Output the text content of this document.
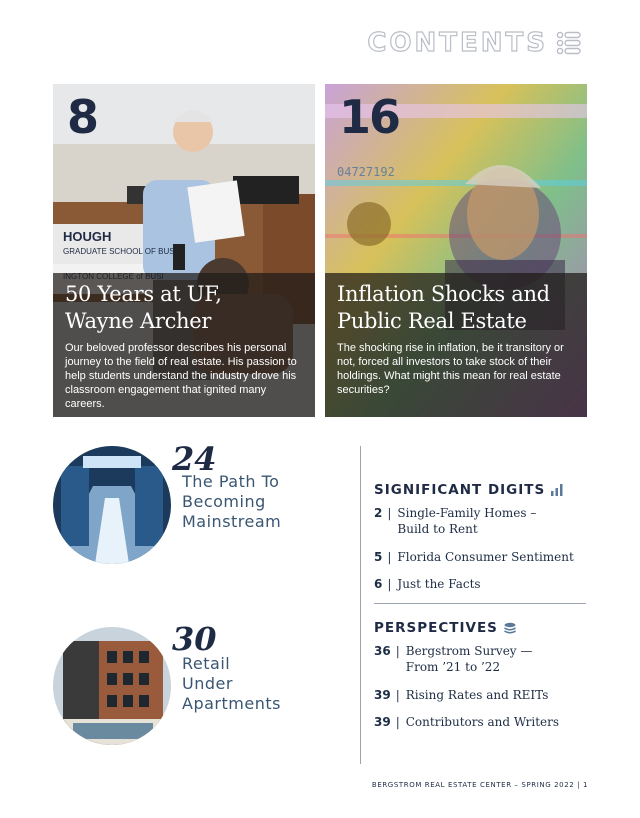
CONTENTS
HOUGH
GRADUATE SCHOOL OF BUS
8
50 Years at UF,
Wayne Archer
Our beloved professor describes his personal journey to the field of real estate. His passion to help students understand the industry drove his classroom engagement that ignited many careers.
04727192
16
Inflation Shocks and
Public Real Estate
The shocking rise in inflation, be it transitory or not, forced all investors to take stock of their holdings. What might this mean for real estate securities?
24
The Path To
Becoming
Mainstream
30
Retail Under
Apartments
SIGNIFICANT DIGITS
2 | Single-Family Homes –
Build to Rent
5 | Florida Consumer Sentiment
6 | Just the Facts
PERSPECTIVES
36 | Bergstrom Survey —
From ’21 to ’22
39 | Rising Rates and REITs
39 | Contributors and Writers
BERGSTROM REAL ESTATE CENTER – SPRING 2022 | 1
